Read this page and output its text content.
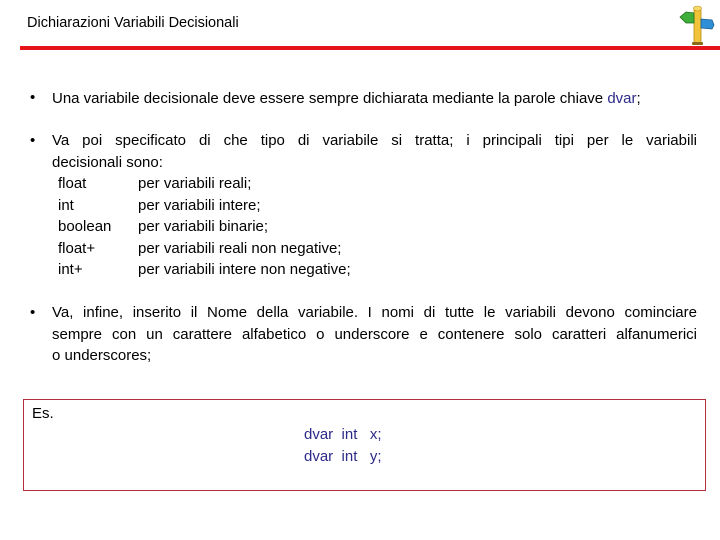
Dichiarazioni Variabili Decisionali
• Una variabile decisionale deve essere sempre dichiarata mediante la parole chiave dvar;
• Va poi specificato di che tipo di variabile si tratta; i principali tipi per le variabili
decisionali sono:
float	per variabili reali;
int	per variabili intere;
boolean per variabili binarie;
float+	per variabili reali non negative;
int+	per variabili intere non negative;
• Va, infine, inserito il Nome della variabile. I nomi di tutte le variabili devono cominciare
sempre con un carattere alfabetico o underscore e contenere solo caratteri alfanumerici
o underscores;
Es.
dvar  int   x;
dvar  int   y;
